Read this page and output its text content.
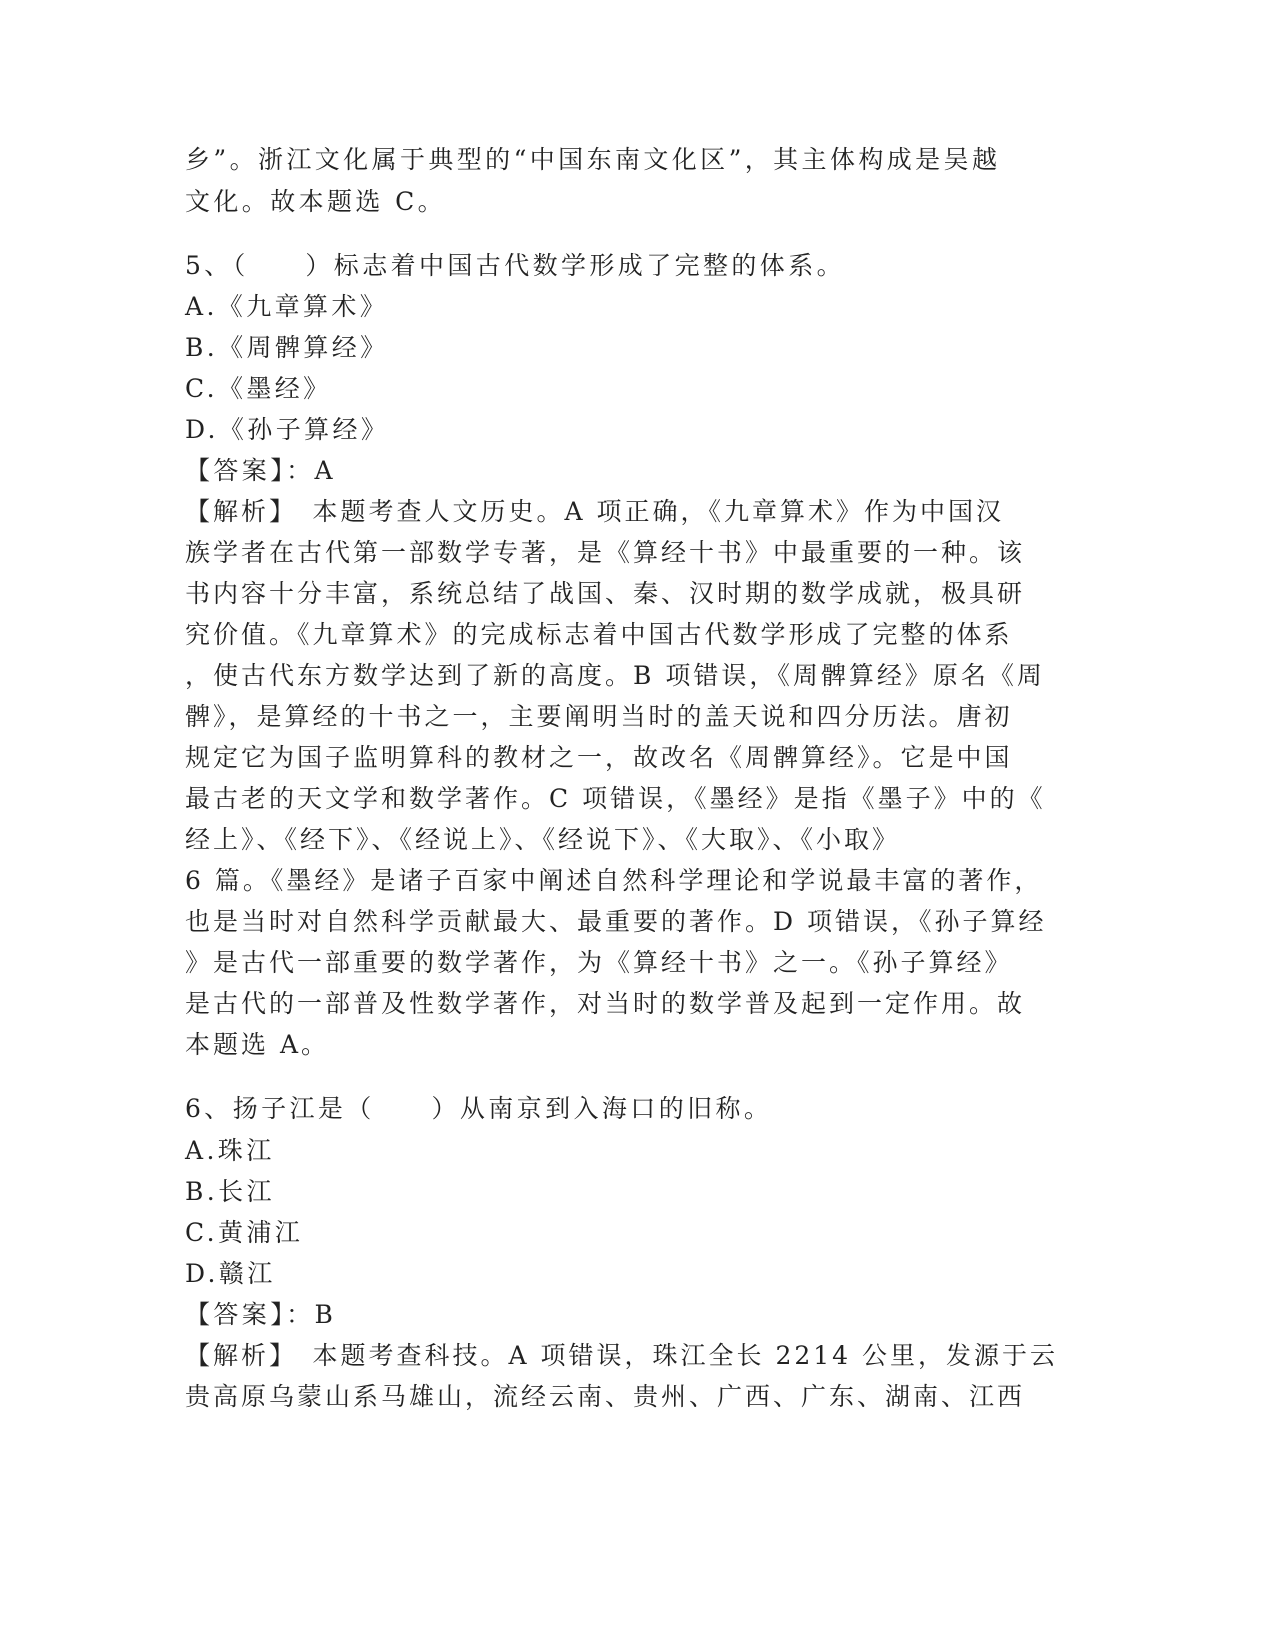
乡”。浙江文化属于典型的“中国东南文化区”，其主体构成是吴越
文化。故本题选 C。
5、（　　）标志着中国古代数学形成了完整的体系。
A.《九章算术》
B.《周髀算经》
C.《墨经》
D.《孙子算经》
【答案】：A
【解析】　本题考查人文历史。A 项正确，《九章算术》作为中国汉
族学者在古代第一部数学专著，是《算经十书》中最重要的一种。该
书内容十分丰富，系统总结了战国、秦、汉时期的数学成就，极具研
究价值。《九章算术》的完成标志着中国古代数学形成了完整的体系
，使古代东方数学达到了新的高度。B 项错误，《周髀算经》原名《周
髀》，是算经的十书之一，主要阐明当时的盖天说和四分历法。唐初
规定它为国子监明算科的教材之一，故改名《周髀算经》。它是中国
最古老的天文学和数学著作。C 项错误，《墨经》是指《墨子》中的《
经上》、《经下》、《经说上》、《经说下》、《大取》、《小取》
6 篇。《墨经》是诸子百家中阐述自然科学理论和学说最丰富的著作，
也是当时对自然科学贡献最大、最重要的著作。D 项错误，《孙子算经
》是古代一部重要的数学著作，为《算经十书》之一。《孙子算经》
是古代的一部普及性数学著作，对当时的数学普及起到一定作用。故
本题选 A。
6、扬子江是（　　）从南京到入海口的旧称。
A.珠江
B.长江
C.黄浦江
D.赣江
【答案】：B
【解析】　本题考查科技。A 项错误，珠江全长 2214 公里，发源于云
贵高原乌蒙山系马雄山，流经云南、贵州、广西、广东、湖南、江西
